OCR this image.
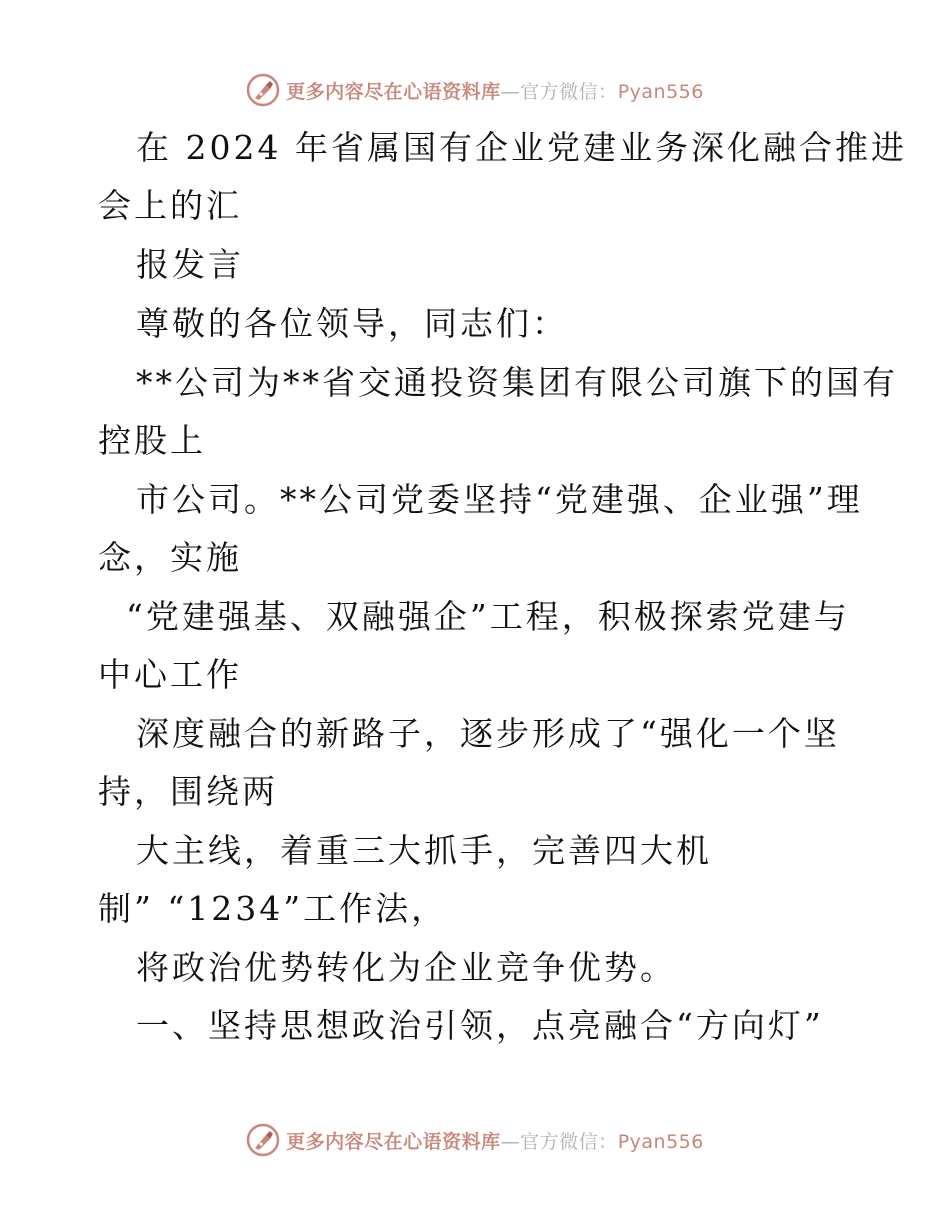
更多内容尽在心语资料库—官方微信：Pyan556
在 2024 年省属国有企业党建业务深化融合推进
会上的汇
报发言
尊敬的各位领导，同志们：
**公司为**省交通投资集团有限公司旗下的国有
控股上
市公司。**公司党委坚持“党建强、企业强”理
念，实施
“党建强基、双融强企”工程，积极探索党建与
中心工作
深度融合的新路子，逐步形成了“强化一个坚
持，围绕两
大主线，着重三大抓手，完善四大机
制” “1234”工作法，
将政治优势转化为企业竞争优势。
一、坚持思想政治引领，点亮融合“方向灯”
更多内容尽在心语资料库—官方微信：Pyan556
